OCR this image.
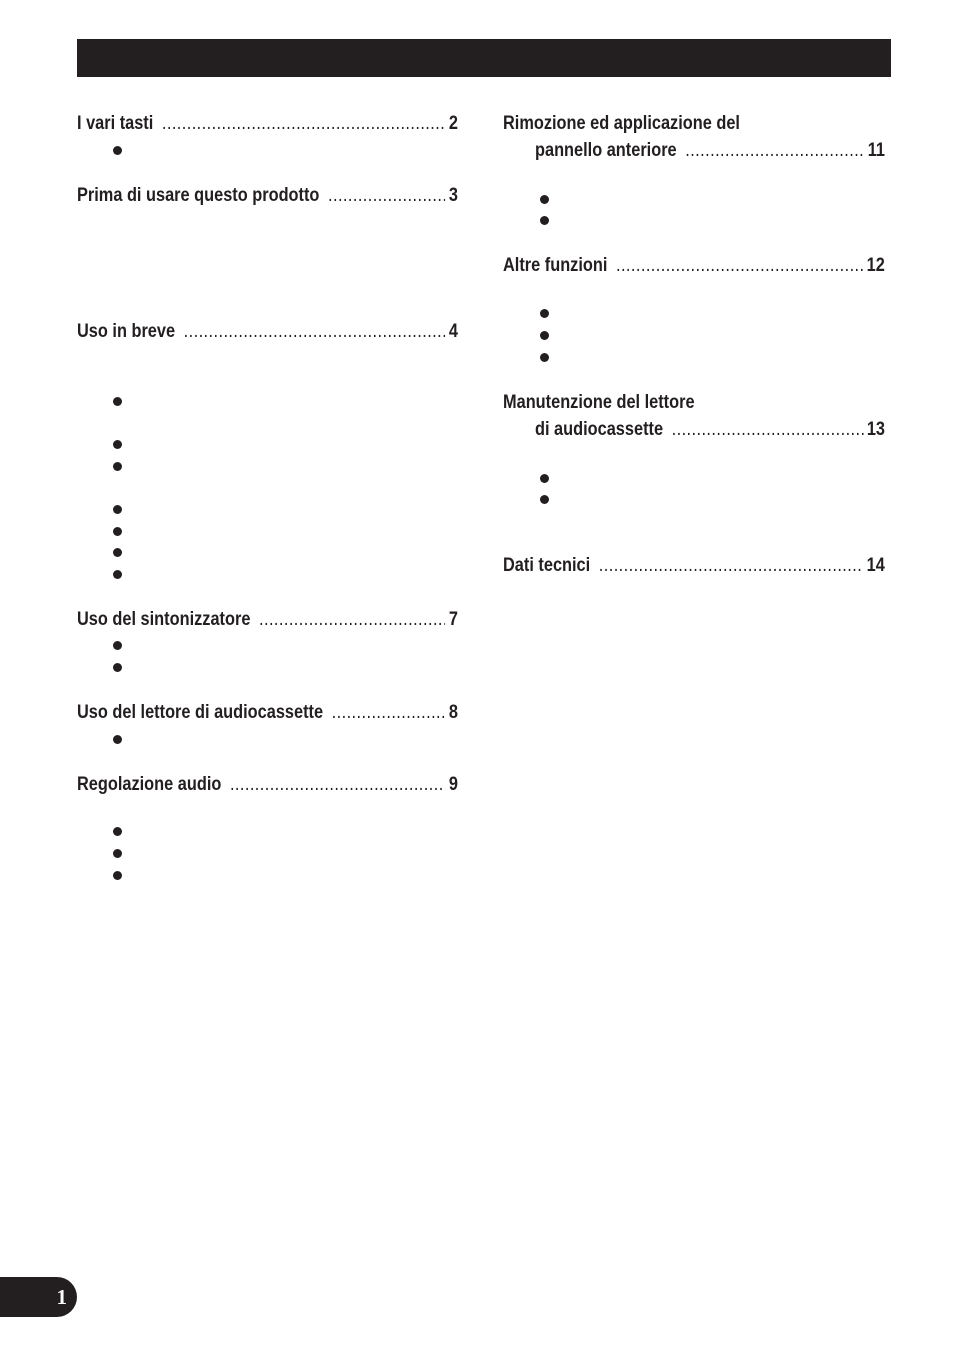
I vari tasti .....	2
Prima di usare questo prodotto .....	3
Uso in breve .....	4
Uso del sintonizzatore .....	7
Uso del lettore di audiocassette .....	8
Regolazione audio .....	9
Rimozione ed applicazione del
pannello anteriore .....	11
Altre funzioni .....	12
Manutenzione del lettore
di audiocassette .....	13
Dati tecnici .....	14
1
